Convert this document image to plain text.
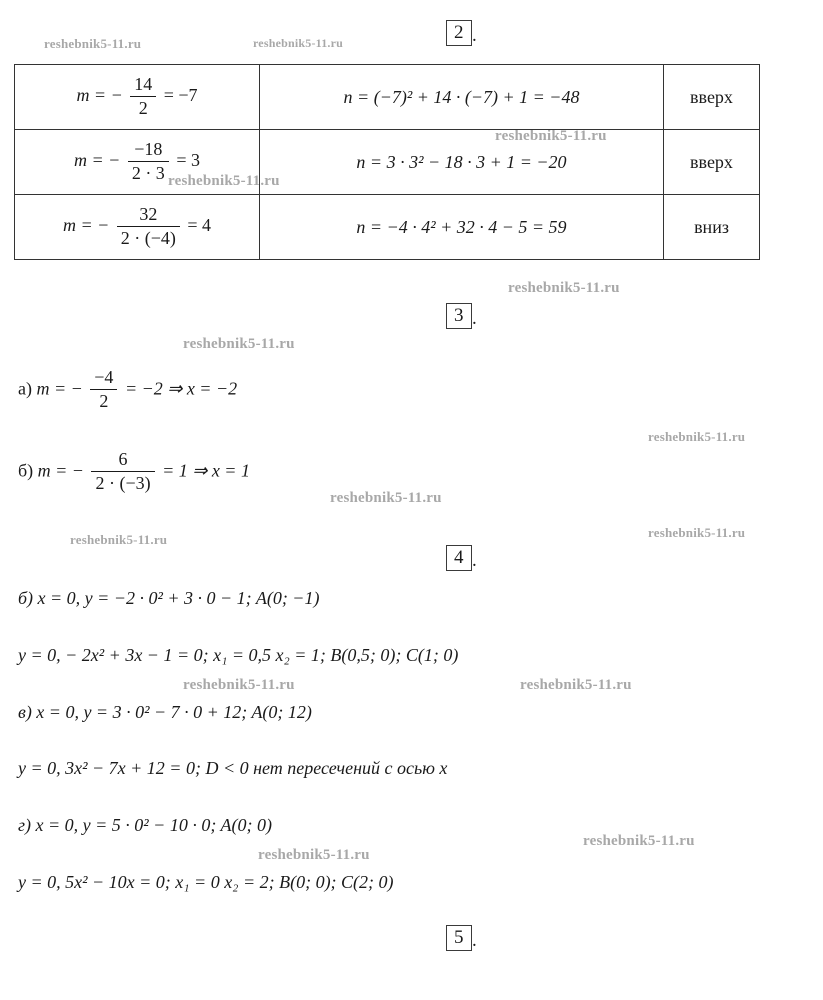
reshebnik5-11.ru	reshebnik5-11.ru
reshebnik5-11.ru
reshebnik5-11.ru
reshebnik5-11.ru
reshebnik5-11.ru
reshebnik5-11.ru
reshebnik5-11.ru
reshebnik5-11.ru	reshebnik5-11.ru
reshebnik5-11.ru	reshebnik5-11.ru
reshebnik5-11.ru
reshebnik5-11.ru
2 .
3 .
4 .
5 .
m = − $\frac{14}{2} = -7$	n = (−7)² + 14 · (−7) + 1 = −48	вверх
m = − $\frac{-18}{2 \cdot 3} = 3$	n = 3 · 3² − 18 · 3 + 1 = −20	вверх
m = − $\frac{32}{2 \cdot (-4)} = 4$	n = −4 · 4² + 32 · 4 − 5 = 59	вниз
а) m = − $\frac{-4}{2} = -2$ ⇒ x = −2
б) m = − $\frac{6}{2 \cdot (-3)} = 1$ ⇒ x = 1
б) x = 0, y = −2 · 0² + 3 · 0 − 1; A(0; −1)
y = 0, − 2x² + 3x − 1 = 0; x₁ = 0,5 x₂ = 1; B(0,5; 0); C(1; 0)
в) x = 0, y = 3 · 0² − 7 · 0 + 12; A(0; 12)
y = 0, 3x² − 7x + 12 = 0; D < 0 нет пересечений с осью x
г) x = 0, y = 5 · 0² − 10 · 0; A(0; 0)
y = 0, 5x² − 10x = 0; x₁ = 0 x₂ = 2; B(0; 0); C(2; 0)
